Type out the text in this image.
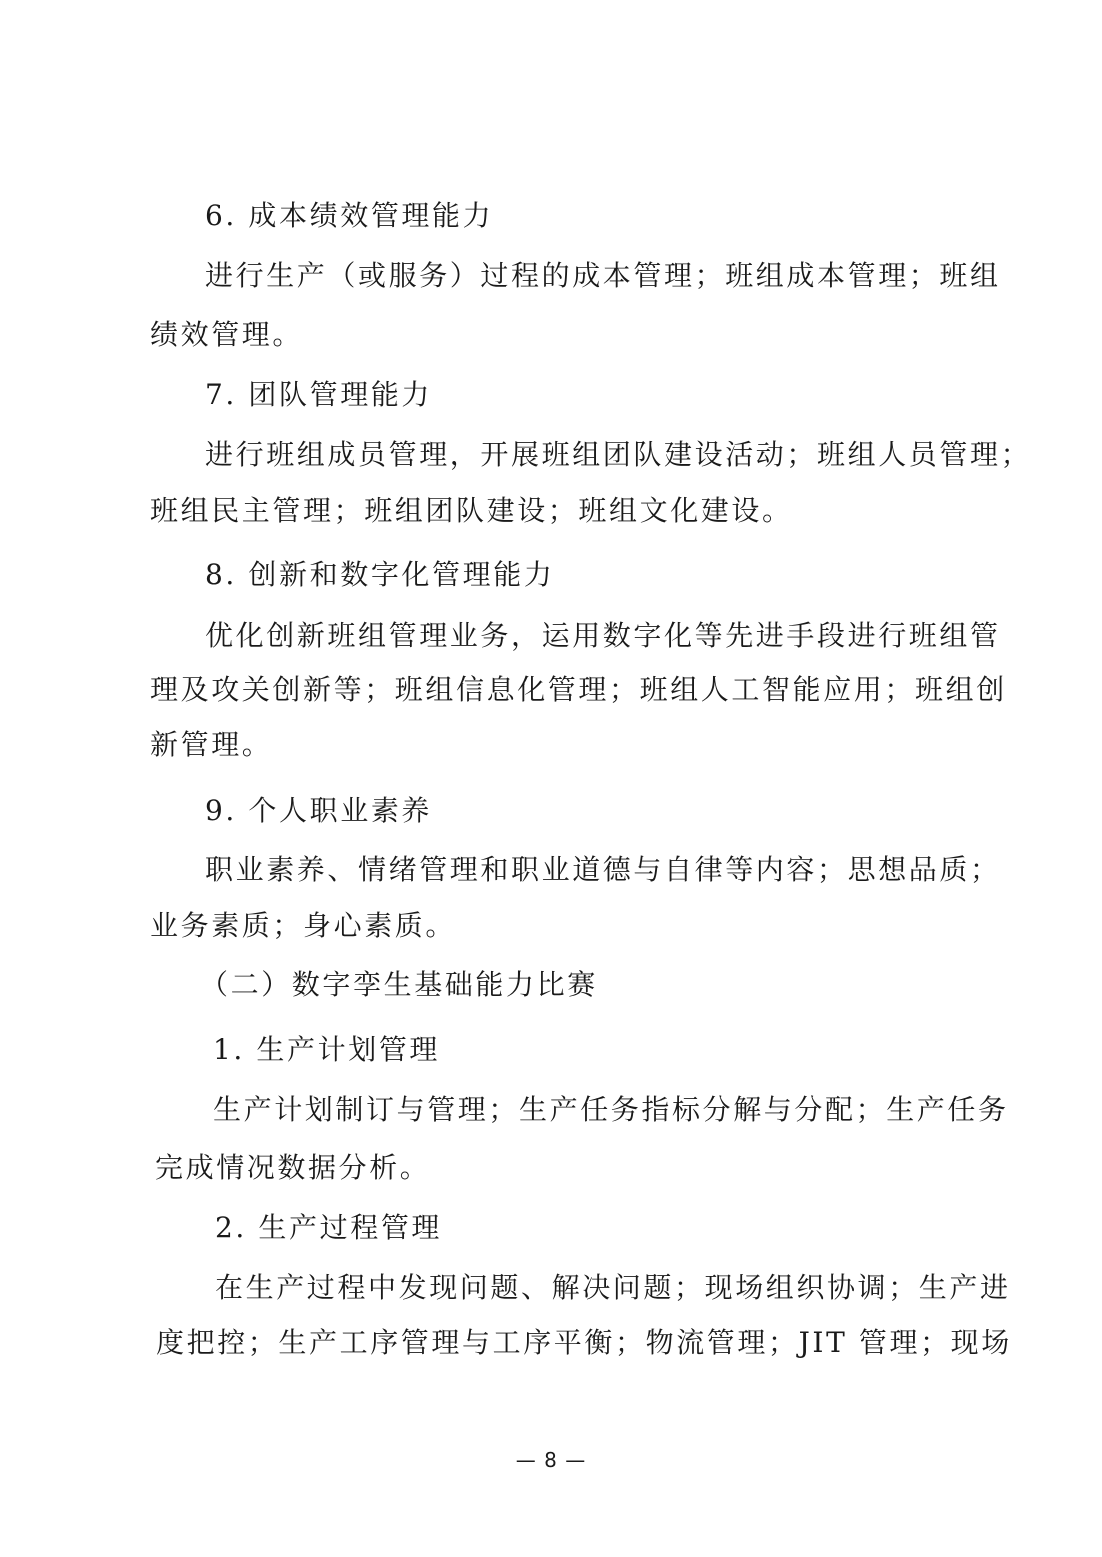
6. 成本绩效管理能力
进行生产（或服务）过程的成本管理；班组成本管理；班组
绩效管理。
7. 团队管理能力
进行班组成员管理，开展班组团队建设活动；班组人员管理；
班组民主管理；班组团队建设；班组文化建设。
8. 创新和数字化管理能力
优化创新班组管理业务，运用数字化等先进手段进行班组管
理及攻关创新等；班组信息化管理；班组人工智能应用；班组创
新管理。
9. 个人职业素养
职业素养、情绪管理和职业道德与自律等内容；思想品质；
业务素质；身心素质。
（二）数字孪生基础能力比赛
1. 生产计划管理
生产计划制订与管理；生产任务指标分解与分配；生产任务
完成情况数据分析。
2. 生产过程管理
在生产过程中发现问题、解决问题；现场组织协调；生产进
度把控；生产工序管理与工序平衡；物流管理；JIT 管理；现场
— 8 —
